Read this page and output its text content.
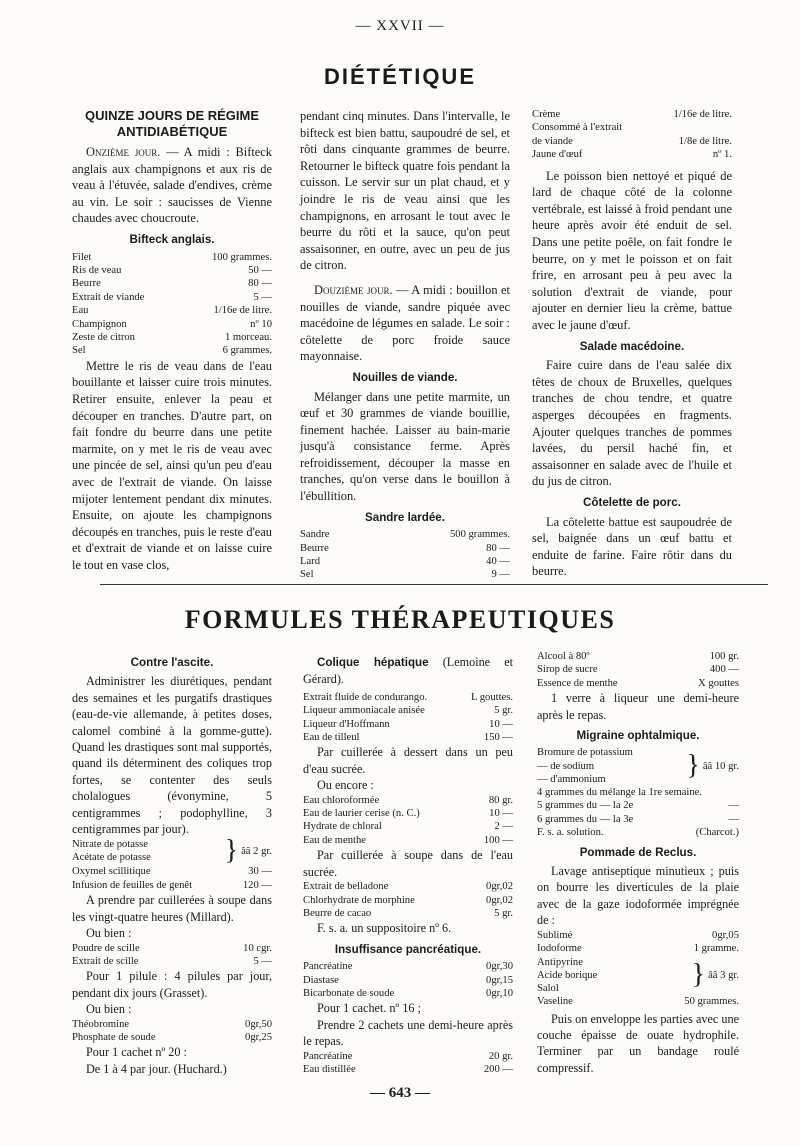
— XXVII —
DIÉTÉTIQUE
QUINZE JOURS DE RÉGIME ANTIDIABÉTIQUE

Onzième jour. — A midi : Bifteck anglais aux champignons et aux ris de veau à l'étuvée, salade d'endives, crème au vin. Le soir : saucisses de Vienne chaudes avec choucroute.

Bifteck anglais.
Filet	100 grammes.
Ris de veau	50 —
Beurre	80 —
Extrait de viande	5 —
Eau	1/16e de litre.
Champignon	nº 10
Zeste de citron	1 morceau.
Sel	6 grammes.

Mettre le ris de veau dans de l'eau bouillante et laisser cuire trois minutes. Retirer ensuite, enlever la peau et découper en tranches. D'autre part, on fait fondre du beurre dans une petite marmite, on y met le ris de veau avec une pincée de sel, ainsi qu'un peu d'eau avec de l'extrait de viande. On laisse mijoter lentement pendant dix minutes. Ensuite, on ajoute les champignons découpés en tranches, puis le reste d'eau et d'extrait de viande et on laisse cuire le tout en vase clos,

pendant cinq minutes. Dans l'intervalle, le bifteck est bien battu, saupoudré de sel, et rôti dans cinquante grammes de beurre. Retourner le bifteck quatre fois pendant la cuisson. Le servir sur un plat chaud, et y joindre le ris de veau ainsi que les champignons, en arrosant le tout avec le beurre du rôti et la sauce, qu'on peut assaisonner, en outre, avec un peu de jus de citron.

Douzième jour. — A midi : bouillon et nouilles de viande, sandre piquée avec macédoine de légumes en salade. Le soir : côtelette de porc froide sauce mayonnaise.

Nouilles de viande.

Mélanger dans une petite marmite, un œuf et 30 grammes de viande bouillie, finement hachée. Laisser au bain-marie jusqu'à consistance ferme. Après refroidissement, découper la masse en tranches, qu'on verse dans le bouillon à l'ébullition.

Sandre lardée.
Sandre	500 grammes.
Beurre	80 —
Lard	40 —
Sel	9 —
Crème	1/16e de litre.
Consommé à l'extrait
de viande	1/8e de litre.
Jaune d'œuf	nº 1.

Le poisson bien nettoyé et piqué de lard de chaque côté de la colonne vertébrale, est laissé à froid pendant une heure après avoir été enduit de sel. Dans une petite poêle, on fait fondre le beurre, on y met le poisson et on fait frire, en arrosant peu à peu avec la solution d'extrait de viande, pour ajouter en dernier lieu la crème, battue avec le jaune d'œuf.

Salade macédoine.

Faire cuire dans de l'eau salée dix têtes de choux de Bruxelles, quelques tranches de chou tendre, et quatre asperges découpées en fragments. Ajouter quelques tranches de pommes lavées, du persil haché fin, et assaisonner en salade avec de l'huile et du jus de citron.

Côtelette de porc.

La côtelette battue est saupoudrée de sel, baignée dans un œuf battu et enduite de farine. Faire rôtir dans du beurre.

FORMULES THÉRAPEUTIQUES
Contre l'ascite.

Administrer les diurétiques, pendant des semaines et les purgatifs drastiques (eau-de-vie allemande, à petites doses, calomel combiné à la gomme-gutte). Quand les drastiques sont mal supportés, quand ils déterminent des coliques trop fortes, se contenter des seuls cholalogues (évonymine, 5 centigrammes ; podophylline, 3 centigrammes par jour).

Nitrate de potasse
Acétate de potasse	} ââ 2 gr.
Oxymel scillitique	30 —
Infusion de feuilles de genêt	120 —

A prendre par cuillerées à soupe dans les vingt-quatre heures (Millard).

Ou bien :

Poudre de scille	10 cgr.
Extrait de scille	5 —

Pour 1 pilule : 4 pilules par jour, pendant dix jours (Grasset).

Ou bien :

Théobromine	0gr,50
Phosphate de soude	0gr,25

Pour 1 cachet nº 20 :

De 1 à 4 par jour. (Huchard.)

Colique hépatique (Lemoine et Gérard).

Extrait fluide de condurango.	L gouttes.
Liqueur ammoniacale anisée	5 gr.
Liqueur d'Hoffmann	10 —
Eau de tilleul	150 —

Par cuillerée à dessert dans un peu d'eau sucrée.

Ou encore :

Eau chloroformée	80 gr.
Eau de laurier cerise (n. C.)	10 —
Hydrate de chloral	2 —
Eau de menthe	100 —

Par cuillerée à soupe dans de l'eau sucrée.

Extrait de belladone	0gr,02
Chlorhydrate de morphine	0gr,02
Beurre de cacao	5 gr.

F. s. a. un suppositoire nº 6.

Insuffisance pancréatique.
Pancréatine	0gr,30
Diastase	0gr,15
Bicarbonate de soude	0gr,10

Pour 1 cachet. nº 16 ;

Prendre 2 cachets une demi-heure après le repas.

Pancréatine	20 gr.
Eau distillée	200 —
Alcool à 80º	100 gr.
Sirop de sucre	400 —
Essence de menthe	X gouttes

1 verre à liqueur une demi-heure après le repas.

Migraine ophtalmique.
Bromure de potassium
— de sodium
— d'ammonium	} ââ 10 gr.
4 grammes du mélange la 1re semaine.
5 grammes du — la 2e	—
6 grammes du — la 3e	—
F. s. a. solution.	(Charcot.)
Pommade de Reclus.

Lavage antiseptique minutieux ; puis on bourre les diverticules de la plaie avec de la gaze iodoformée imprégnée de :

Sublimé	0gr,05
Iodoforme	1 gramme.
Antipyrine
Acide borique
Salol	} ââ 3 gr.
Vaseline	50 grammes.

Puis on enveloppe les parties avec une couche épaisse de ouate hydrophile. Terminer par un bandage roulé compressif.

— 643 —
